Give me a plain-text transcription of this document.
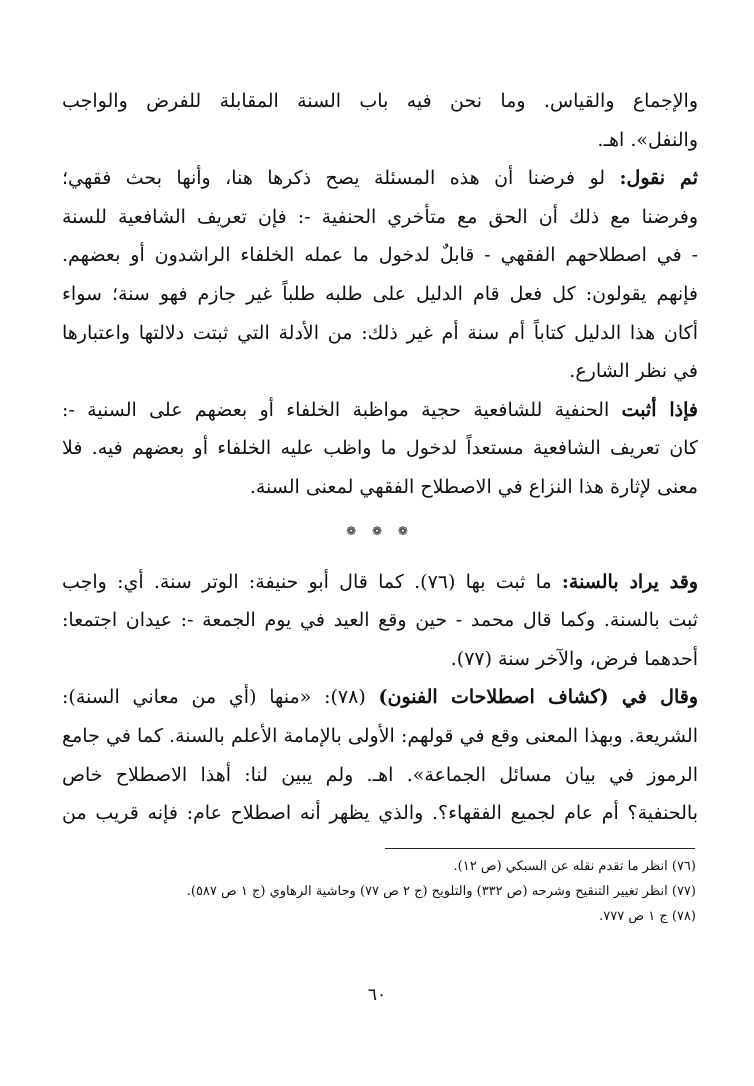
والإجماع والقياس. وما نحن فيه باب السنة المقابلة للفرض والواجب
والنفل». اهـ.
ثم نقول: لو فرضنا أن هذه المسئلة يصح ذكرها هنا، وأنها بحث فقهي؛
وفرضنا مع ذلك أن الحق مع متأخري الحنفية -: فإن تعريف الشافعية للسنة
- في اصطلاحهم الفقهي - قابلٌ لدخول ما عمله الخلفاء الراشدون أو بعضهم.
فإنهم يقولون: كل فعل قام الدليل على طلبه طلباً غير جازم فهو سنة؛ سواء
أكان هذا الدليل كتاباً أم سنة أم غير ذلك: من الأدلة التي ثبتت دلالتها واعتبارها
في نظر الشارع.
فإذا أثبت الحنفية للشافعية حجية مواظبة الخلفاء أو بعضهم على السنية -:
كان تعريف الشافعية مستعداً لدخول ما واظب عليه الخلفاء أو بعضهم فيه. فلا
معنى لإثارة هذا النزاع في الاصطلاح الفقهي لمعنى السنة.
❁ ❁ ❁
وقد يراد بالسنة: ما ثبت بها (٧٦). كما قال أبو حنيفة: الوتر سنة. أي: واجب
ثبت بالسنة. وكما قال محمد - حين وقع العيد في يوم الجمعة -: عيدان اجتمعا:
أحدهما فرض، والآخر سنة (٧٧).
وقال في (كشاف اصطلاحات الفنون) (٧٨): «منها (أي من معاني السنة):
الشريعة. وبهذا المعنى وقع في قولهم: الأولى بالإمامة الأعلم بالسنة. كما في جامع
الرموز في بيان مسائل الجماعة». اهـ. ولم يبين لنا: أهذا الاصطلاح خاص
بالحنفية؟ أم عام لجميع الفقهاء؟. والذي يظهر أنه اصطلاح عام: فإنه قريب من
(٧٦) انظر ما تقدم نقله عن السبكي (ص ١٢).
(٧٧) انظر تغيير التنقيح وشرحه (ص ٣٣٢) والتلويح (ج ٢ ص ٧٧) وحاشية الرهاوي (ج ١ ص ٥٨٧).
(٧٨) ج ١ ص ٧٧٧.
٦٠
